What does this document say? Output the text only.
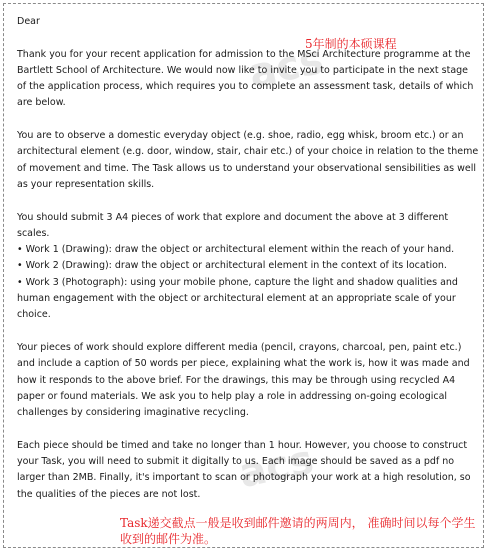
acs
acs

Dear

Thank you for your recent application for admission to the MSci Architecture programme at the Bartlett School of Architecture. We would now like to invite you to participate in the next stage of the application process, which requires you to complete an assessment task, details of which are below.

You are to observe a domestic everyday object (e.g. shoe, radio, egg whisk, broom etc.) or an architectural element (e.g. door, window, stair, chair etc.) of your choice in relation to the theme of movement and time. The Task allows us to understand your observational sensibilities as well as your representation skills.

You should submit 3 A4 pieces of work that explore and document the above at 3 different scales.

• Work 1 (Drawing): draw the object or architectural element within the reach of your hand.

• Work 2 (Drawing): draw the object or architectural element in the context of its location.

• Work 3 (Photograph): using your mobile phone, capture the light and shadow qualities and human engagement with the object or architectural element at an appropriate scale of your choice.

Your pieces of work should explore different media (pencil, crayons, charcoal, pen, paint etc.) and include a caption of 50 words per piece, explaining what the work is, how it was made and how it responds to the above brief. For the drawings, this may be through using recycled A4 paper or found materials. We ask you to help play a role in addressing on-going ecological challenges by considering imaginative recycling.

Each piece should be timed and take no longer than 1 hour. However, you choose to construct your Task, you will need to submit it digitally to us. Each image should be saved as a pdf no larger than 2MB. Finally, it's important to scan or photograph your work at a high resolution, so the qualities of the pieces are not lost.

5年制的本硕课程
Task递交截点一般是收到邮件邀请的两周内， 准确时间以每个学生收到的邮件为准。
